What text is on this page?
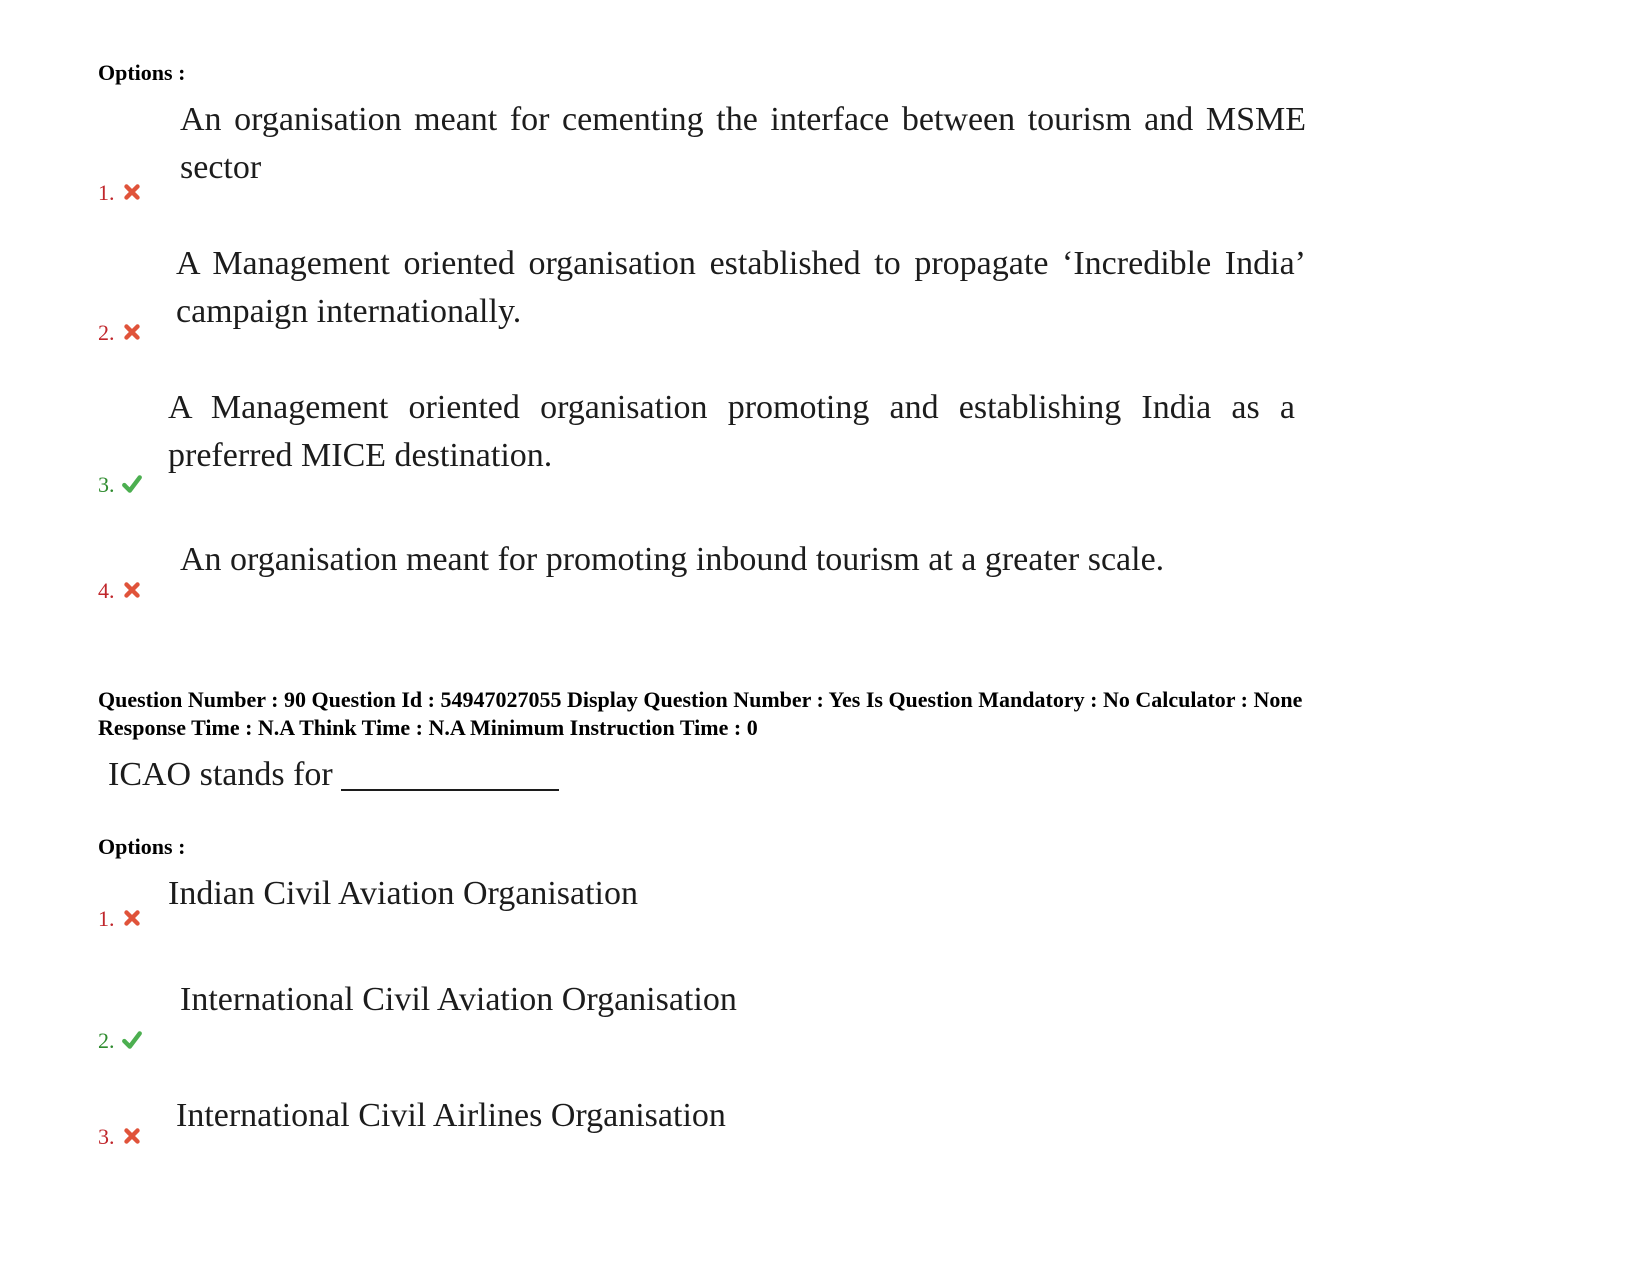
Options :
An organisation meant for cementing the interface between tourism and MSME sector
1.
A Management oriented organisation established to propagate ‘Incredible India’ campaign internationally.
2.
A Management oriented organisation promoting and establishing India as a preferred MICE destination.
3.
An organisation meant for promoting inbound tourism at a greater scale.
4.
Question Number : 90 Question Id : 54947027055 Display Question Number : Yes Is Question Mandatory : No Calculator : None
Response Time : N.A Think Time : N.A Minimum Instruction Time : 0
ICAO stands for
Options :
Indian Civil Aviation Organisation
1.
International Civil Aviation Organisation
2.
International Civil Airlines Organisation
3.
